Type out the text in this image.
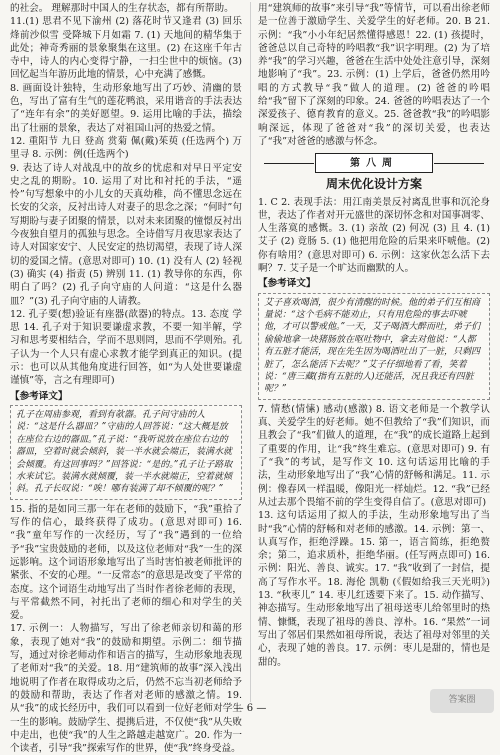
的社会。 理解那时中国人的生存状态，都有所帮助。

11.(1) 思君不见下渝州 (2) 落花时节又逢君 (3) 回乐烽前沙似雪 受降城下月如霜 7. (1) 天地间的精华集于此处；神奇秀丽的景象聚集在这里。(2) 在这座千年古寺中，诗人的内心变得宁静，一扫尘世中的烦恼。(3) 回忆起当年游历此地的情景，心中充满了感慨。

8. 画面设计独特，生动形象地写出了巧妙、清幽的景色，写出了富有生气的莲花鸭浪，采用谐音的手法表达了“连年有余”的美好愿望。9. 运用比喻的手法，描绘出了壮丽的景象，表达了对祖国山河的热爱之情。

12. 重阳节 九日 登高 赏菊 佩(戴)茱萸 (任选两个) 万里寻 8. 示例：例(任选两个)

9. 表达了诗人对战乱中的故乡的忧虑和对早日平定安史之乱的期盼。10. 运用了对比和衬托的手法，“遥怜”句写想象中的小儿女的天真幼稚，尚不懂思念远在长安的父亲，反衬出诗人对妻子的思念之深；“何时”句写期盼与妻子团聚的情景，以对未来团聚的憧憬反衬出今夜独自望月的孤独与思念。全诗借写月夜思家表达了诗人对国家安宁、人民安定的热切渴望，表现了诗人深切的爱国之情。(意思对即可) 10. (1) 没有人 (2) 轻视 (3) 确实 (4) 指责 (5) 辨别 11. (1) 教导你的东西，你明白了吗？(2) 孔子向守庙的人问道：“这是什么器皿？”(3) 孔子向守庙的人请教。

12. 孔子要(想)验证有座器(歆器)的特点。13. 态度 学 思 14. 孔子对于知识要谦虚求教，不要一知半解，学习和思考要相结合，学而不思则罔，思而不学则殆。孔子认为一个人只有虚心求教才能学到真正的知识。(提示：也可以从其他角度进行回答，如“为人处世要谦虚谨慎”等，言之有理即可)

【参考译文】
孔子在周庙参观，看到有欹器。孔子问守庙的人说：“这是什么器皿？”守庙的人回答说：“这大概是放在座位右边的器皿。”孔子说：“我听说放在座位右边的器皿，空着时就会倾斜，装一半水就会端正，装满水就会倾覆。有这回事吗？”回答说：“是的。”孔子让子路取水来试它。装满水就倾覆，装一半水就端正，空着就倾斜。孔子长叹说：“唉！哪有装满了却不倾覆的呢？”

15. 指的是如同三那一年在老师的鼓励下，“我”重拾了写作的信心，最终获得了成功。(意思对即可) 16. “我”童年写作的一次经历，写了“我”遇到的一位给予“我”宝贵鼓励的老师，以及这位老师对“我”一生的深远影响。这个词语形象地写出了当时害怕被老师批评的紧张、不安的心理。“一反常态”的意思是改变了平常的态度。这个词语生动地写出了当时作者徐老师的表现，与平常截然不同，衬托出了老师的细心和对学生的关爱。

17. 示例一：人物描写，写出了徐老师亲切和蔼的形象，表现了她对“我”的鼓励和期望。示例二：细节描写，通过对徐老师动作和语言的描写，生动形象地表现了老师对“我”的关爱。18. 用“建筑师的故事”深入浅出地说明了作者在取得成功之后，仍然不忘当初老师给予的鼓励和帮助，表达了作者对老师的感激之情。19. 从“我”的成长经历中，我们可以看到一位好老师对学生一生的影响。鼓励学生、提携后进，不仅使“我”从失败中走出，也使“我”的人生之路越走越宽广。20. 作为一个读者，引导“我”探索写作的世界，使“我”终身受益。

用“建筑师的故事”来引导“我”等情节，可以看出徐老师是一位善于激励学生、关爱学生的好老师。20. B 21. 示例：“我”小小年纪居然懂得感恩！22. (1) 孩提时，爸爸总以自己奇特的吟唱教“我”识字明理。(2) 为了培养“我”的学习兴趣，爸爸在生活中处处注意引导，深刻地影响了“我”。23. 示例：(1) 上学后，爸爸仍然用吟唱的方式教导“我”做人的道理。(2) 爸爸的吟唱给“我”留下了深刻的印象。24. 爸爸的吟唱表达了一个深爱孩子、德育教育的意义。25. 爸爸教“我”的吟唱影响深远，体现了爸爸对“我”的深切关爱，也表达了“我”对爸爸的感激与怀念。

第八周
周末优化设计方案

1. C 2. 表现手法：用江南美景反衬离乱世事和沉沦身世，表达了作者对开元盛世的深切怀念和对国事凋零、人生落寞的感慨。3. (1) 亲故 (2) 何况 (3) 且 4. (1) 艾子 (2) 竟肠 5. (1) 他把用危险的后果来吓唬他。(2) 你有啥用？(意思对即可) 6. 示例：这家伙怎么活下去啊？7. 艾子是一个旷达而幽默的人。

【参考译文】
艾子喜欢喝酒，很少有清醒的时候。他的弟子们互相商量说：“这个毛病不能劝止，只有用危险的事去吓唬他，才可以警戒他。”一天，艾子喝酒大醉而吐，弟子们偷偷地拿一块猪肠放在呕吐物中，拿去对他说：“人都有五脏才能活，现在先生因为喝酒吐出了一脏，只剩四脏了，怎么能活下去呢？”艾子仔细地看了看，笑着说：“唐三藏(指有五脏的人)还能活，况且我还有四脏呢？”

7. 情愁(情愫) 感动(感激) 8. 语文老师是一个教学认真、关爱学生的好老师。她不但教给了“我”们知识，而且教会了“我”们做人的道理，在“我”的成长道路上起到了重要的作用，让“我”终生难忘。(意思对即可) 9. 有了“我”的考试，是写作文 10. 这句话运用比喻的手法，生动形象地写出了“我”心情的舒畅和满足。11. 示例：像春风一样温暖，像阳光一样灿烂。12. “我”已经从过去那个畏缩不前的学生变得自信了。(意思对即可)

13. 这句话运用了拟人的手法，生动形象地写出了当时“我”心情的舒畅和对老师的感激。14. 示例：第一、认真写作，拒绝浮躁。15. 第一，语言简练，拒绝赘余；第二，追求质朴，拒绝华丽。(任写两点即可) 16. 示例：阳光、善良、诚实。17. “我”收到了一封信，提高了写作水平。18. 海伦 凯勒 (《假如给我三天光明》) 13. “秋枣儿” 14. 枣儿红透要下来了。15. 动作描写、神态描写。生动形象地写出了祖母送枣儿给邻里时的热情、慷慨，表现了祖母的善良、淳朴。16. “果然”一词写出了邻居们果然如祖母所说，表达了祖母对邻里的关心，表现了她的善良。17. 示例：枣儿是甜的，情也是甜的。

— 6 —
答案圈
